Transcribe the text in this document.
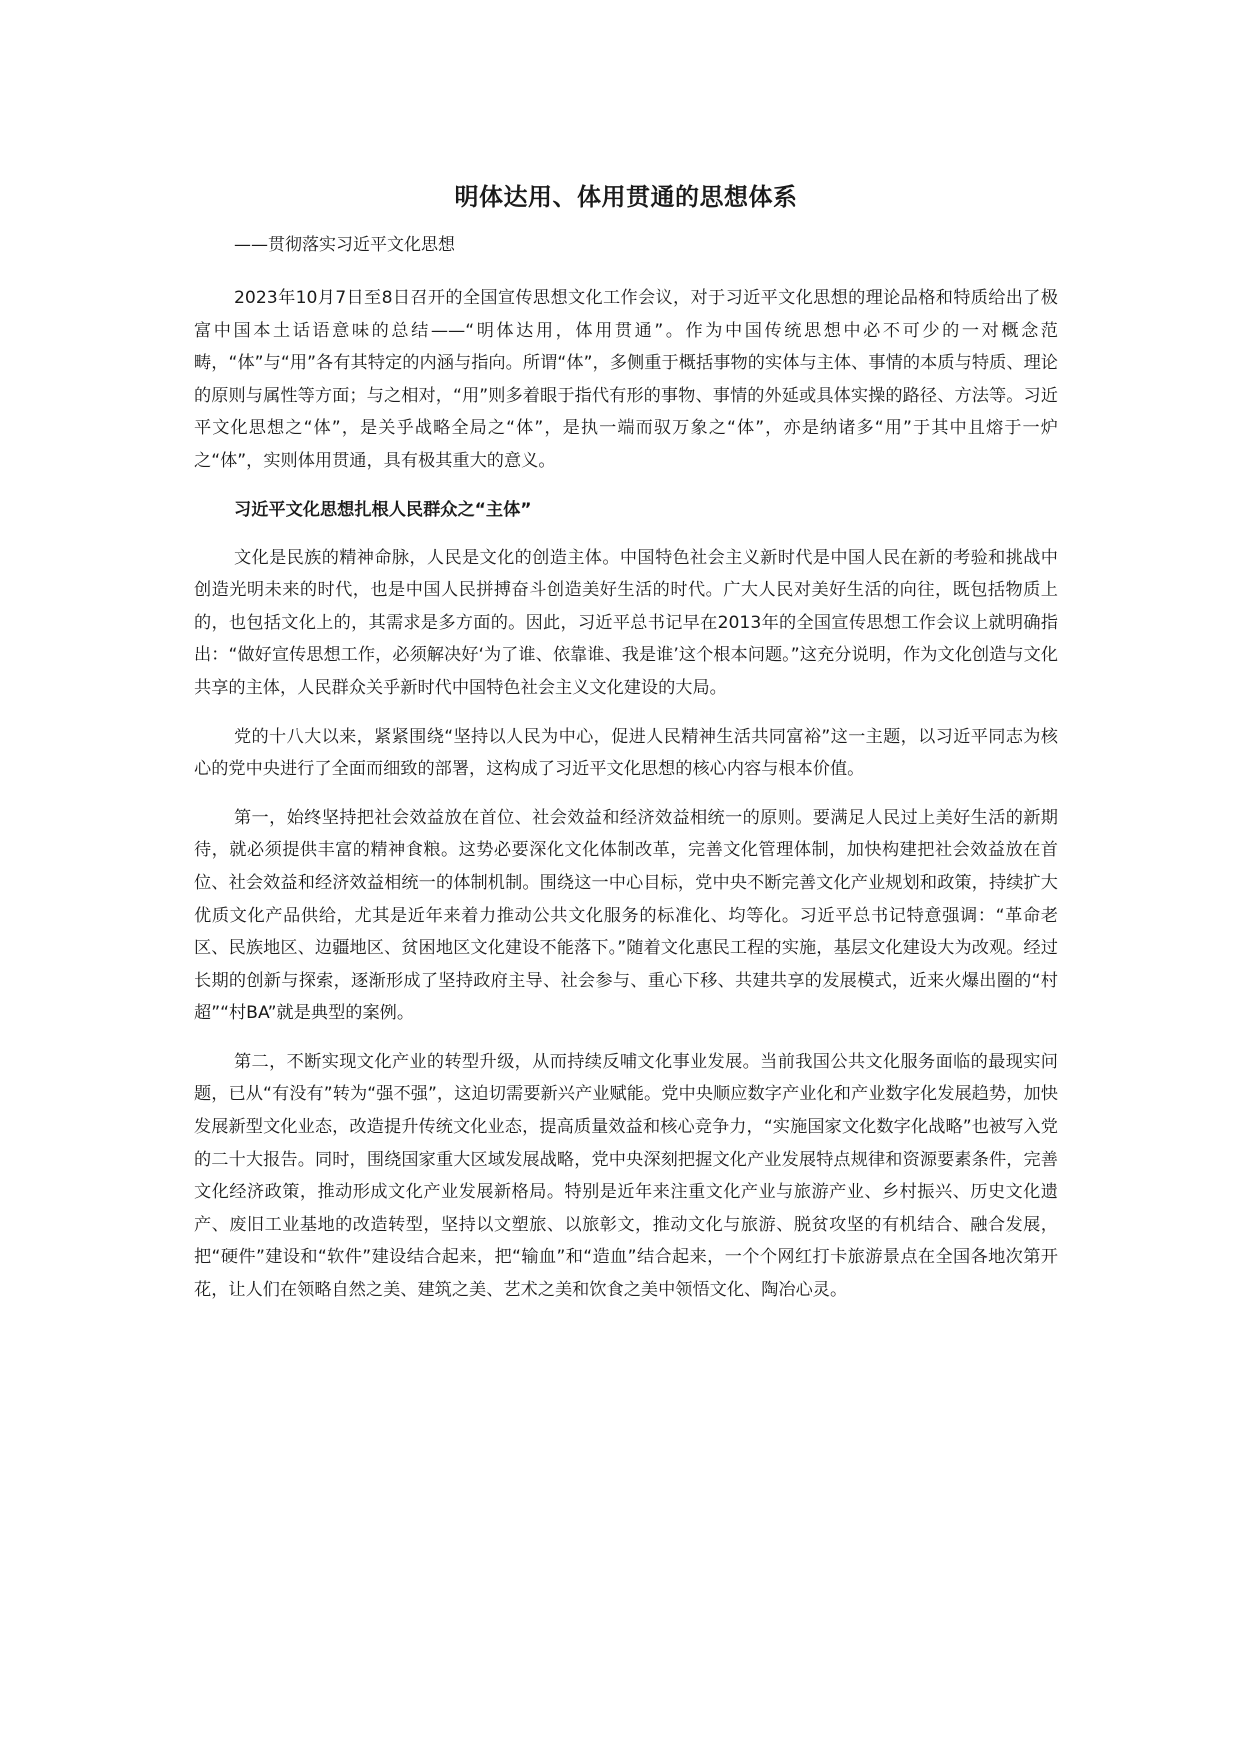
明体达用、体用贯通的思想体系
——贯彻落实习近平文化思想

2023年10月7日至8日召开的全国宣传思想文化工作会议，对于习近平文化思想的理论品格和特质给出了极富中国本土话语意味的总结——“明体达用，体用贯通”。作为中国传统思想中必不可少的一对概念范畴，“体”与“用”各有其特定的内涵与指向。所谓“体”，多侧重于概括事物的实体与主体、事情的本质与特质、理论的原则与属性等方面；与之相对，“用”则多着眼于指代有形的事物、事情的外延或具体实操的路径、方法等。习近平文化思想之“体”，是关乎战略全局之“体”，是执一端而驭万象之“体”，亦是纳诸多“用”于其中且熔于一炉之“体”，实则体用贯通，具有极其重大的意义。

习近平文化思想扎根人民群众之“主体”

文化是民族的精神命脉，人民是文化的创造主体。中国特色社会主义新时代是中国人民在新的考验和挑战中创造光明未来的时代，也是中国人民拼搏奋斗创造美好生活的时代。广大人民对美好生活的向往，既包括物质上的，也包括文化上的，其需求是多方面的。因此，习近平总书记早在2013年的全国宣传思想工作会议上就明确指出：“做好宣传思想工作，必须解决好‘为了谁、依靠谁、我是谁’这个根本问题。”这充分说明，作为文化创造与文化共享的主体，人民群众关乎新时代中国特色社会主义文化建设的大局。

党的十八大以来，紧紧围绕“坚持以人民为中心，促进人民精神生活共同富裕”这一主题，以习近平同志为核心的党中央进行了全面而细致的部署，这构成了习近平文化思想的核心内容与根本价值。

第一，始终坚持把社会效益放在首位、社会效益和经济效益相统一的原则。要满足人民过上美好生活的新期待，就必须提供丰富的精神食粮。这势必要深化文化体制改革，完善文化管理体制，加快构建把社会效益放在首位、社会效益和经济效益相统一的体制机制。围绕这一中心目标，党中央不断完善文化产业规划和政策，持续扩大优质文化产品供给，尤其是近年来着力推动公共文化服务的标准化、均等化。习近平总书记特意强调：“革命老区、民族地区、边疆地区、贫困地区文化建设不能落下。”随着文化惠民工程的实施，基层文化建设大为改观。经过长期的创新与探索，逐渐形成了坚持政府主导、社会参与、重心下移、共建共享的发展模式，近来火爆出圈的“村超”“村BA”就是典型的案例。

第二，不断实现文化产业的转型升级，从而持续反哺文化事业发展。当前我国公共文化服务面临的最现实问题，已从“有没有”转为“强不强”，这迫切需要新兴产业赋能。党中央顺应数字产业化和产业数字化发展趋势，加快发展新型文化业态，改造提升传统文化业态，提高质量效益和核心竞争力，“实施国家文化数字化战略”也被写入党的二十大报告。同时，围绕国家重大区域发展战略，党中央深刻把握文化产业发展特点规律和资源要素条件，完善文化经济政策，推动形成文化产业发展新格局。特别是近年来注重文化产业与旅游产业、乡村振兴、历史文化遗产、废旧工业基地的改造转型，坚持以文塑旅、以旅彰文，推动文化与旅游、脱贫攻坚的有机结合、融合发展，把“硬件”建设和“软件”建设结合起来，把“输血”和“造血”结合起来，一个个网红打卡旅游景点在全国各地次第开花，让人们在领略自然之美、建筑之美、艺术之美和饮食之美中领悟文化、陶冶心灵。
